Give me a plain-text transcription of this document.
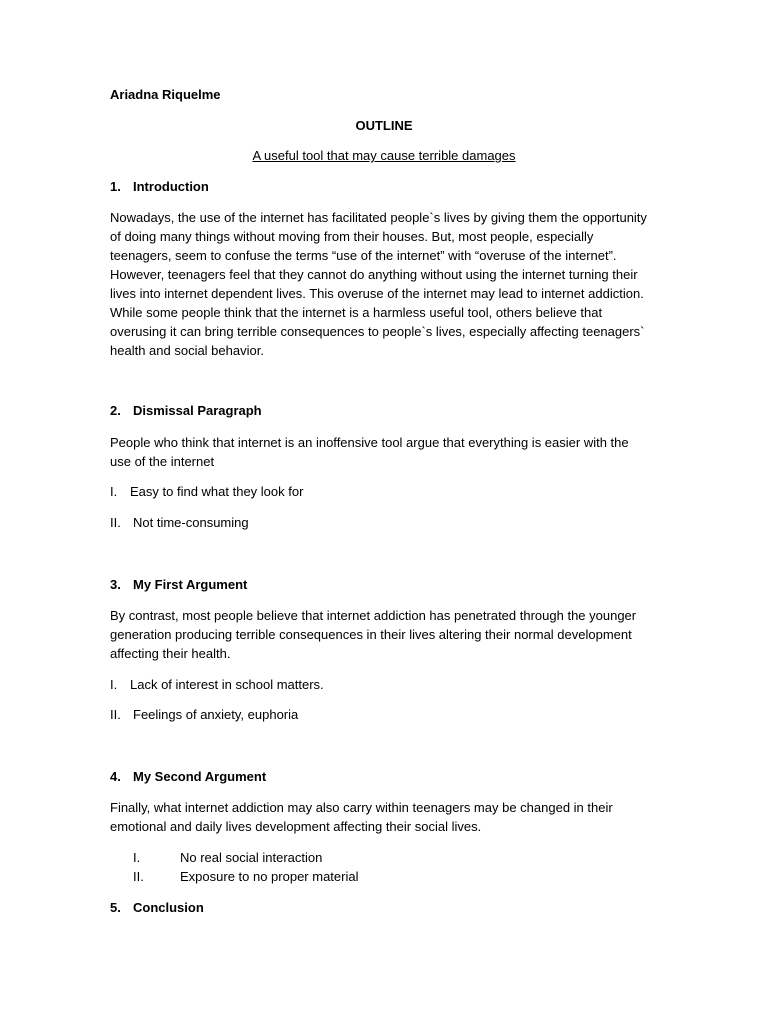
Ariadna Riquelme
OUTLINE
A useful tool that may cause terrible damages
1. Introduction
Nowadays, the use of the internet has facilitated people`s lives by giving them the opportunity
of doing many things without moving from their houses. But, most people, especially
teenagers, seem to confuse the terms “use of the internet” with “overuse of the internet”.
However, teenagers feel that they cannot do anything without using the internet turning their
lives into internet dependent lives. This overuse of the internet may lead to internet addiction.
While some people think that the internet is a harmless useful tool, others believe that
overusing it can bring terrible consequences to people`s lives, especially affecting teenagers`
health and social behavior.
2. Dismissal Paragraph
People who think that internet is an inoffensive tool argue that everything is easier with the
use of the internet
I. Easy to find what they look for
II. Not time-consuming
3. My First Argument
By contrast, most people believe that internet addiction has penetrated through the younger
generation producing terrible consequences in their lives altering their normal development
affecting their health.
I. Lack of interest in school matters.
II. Feelings of anxiety, euphoria
4. My Second Argument
Finally, what internet addiction may also carry within teenagers may be changed in their
emotional and daily lives development affecting their social lives.
I.	No real social interaction
II.	Exposure to no proper material
5. Conclusion
